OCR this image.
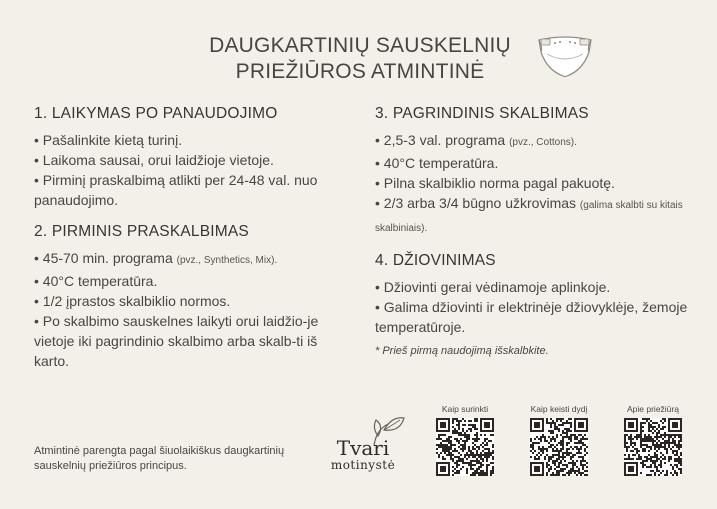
DAUGKARTINIŲ SAUSKELNIŲ
PRIEŽIŪROS ATMINTINĖ
1. LAIKYMAS PO PANAUDOJIMO
• Pašalinkite kietą turinį.
• Laikoma sausai, orui laidžioje vietoje.
• Pirminį praskalbimą atlikti per 24-48 val. nuo panaudojimo.
2. PIRMINIS PRASKALBIMAS
• 45-70 min. programa (pvz., Synthetics, Mix).
• 40°C temperatūra.
• 1/2 įprastos skalbiklio normos.
• Po skalbimo sauskelnes laikyti orui laidžio-je vietoje iki pagrindinio skalbimo arba skalb-ti iš karto.
3. PAGRINDINIS SKALBIMAS
• 2,5-3 val. programa (pvz., Cottons).
• 40°C temperatūra.
• Pilna skalbiklio norma pagal pakuotę.
• 2/3 arba 3/4 būgno užkrovimas (galima skalbti su kitais skalbiniais).
4. DŽIOVINIMAS
• Džiovinti gerai vėdinamoje aplinkoje.
• Galima džiovinti ir elektrinėje džiovyklėje, žemoje temperatūroje.
* Prieš pirmą naudojimą išskalbkite.
Atmintinė parengta pagal šiuolaikiškus daugkartinių sauskelnių priežiūros principus.
Tvari
motinystė
Kaip surinkti	Kaip keisti dydį	Apie priežiūrą
